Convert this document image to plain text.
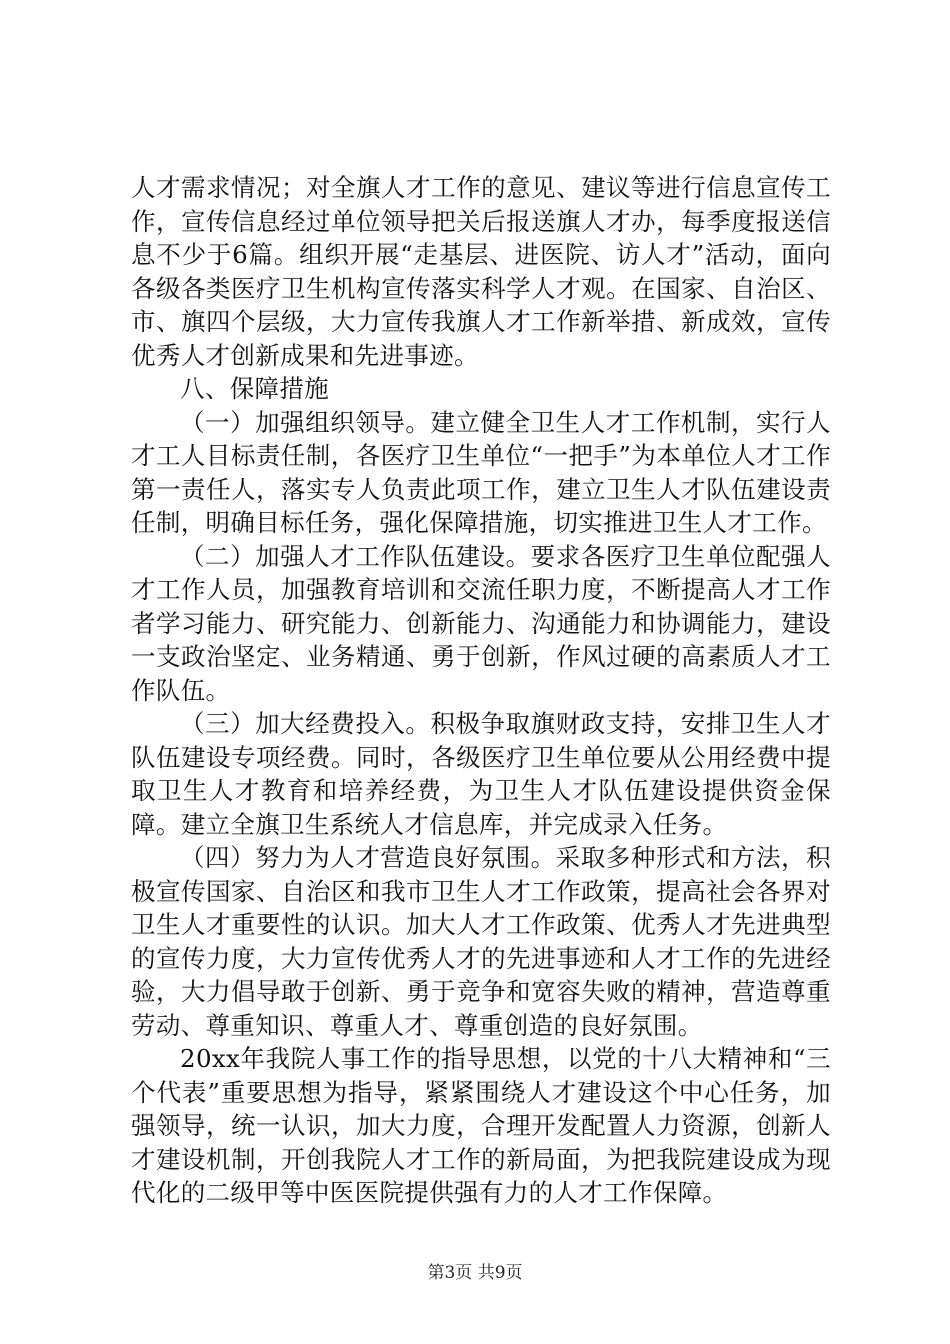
人才需求情况；对全旗人才工作的意见、建议等进行信息宣传工作，宣传信息经过单位领导把关后报送旗人才办，每季度报送信息不少于6篇。组织开展“走基层、进医院、访人才”活动，面向各级各类医疗卫生机构宣传落实科学人才观。在国家、自治区、市、旗四个层级，大力宣传我旗人才工作新举措、新成效，宣传优秀人才创新成果和先进事迹。

八、保障措施

（一）加强组织领导。建立健全卫生人才工作机制，实行人才工人目标责任制，各医疗卫生单位“一把手”为本单位人才工作第一责任人，落实专人负责此项工作，建立卫生人才队伍建设责任制，明确目标任务，强化保障措施，切实推进卫生人才工作。

（二）加强人才工作队伍建设。要求各医疗卫生单位配强人才工作人员，加强教育培训和交流任职力度，不断提高人才工作者学习能力、研究能力、创新能力、沟通能力和协调能力，建设一支政治坚定、业务精通、勇于创新，作风过硬的高素质人才工作队伍。

（三）加大经费投入。积极争取旗财政支持，安排卫生人才队伍建设专项经费。同时，各级医疗卫生单位要从公用经费中提取卫生人才教育和培养经费，为卫生人才队伍建设提供资金保障。建立全旗卫生系统人才信息库，并完成录入任务。

（四）努力为人才营造良好氛围。采取多种形式和方法，积极宣传国家、自治区和我市卫生人才工作政策，提高社会各界对卫生人才重要性的认识。加大人才工作政策、优秀人才先进典型的宣传力度，大力宣传优秀人才的先进事迹和人才工作的先进经验，大力倡导敢于创新、勇于竞争和宽容失败的精神，营造尊重劳动、尊重知识、尊重人才、尊重创造的良好氛围。

20xx年我院人事工作的指导思想，以党的十八大精神和“三个代表”重要思想为指导，紧紧围绕人才建设这个中心任务，加强领导，统一认识，加大力度，合理开发配置人力资源，创新人才建设机制，开创我院人才工作的新局面，为把我院建设成为现代化的二级甲等中医医院提供强有力的人才工作保障。

第3页 共9页
